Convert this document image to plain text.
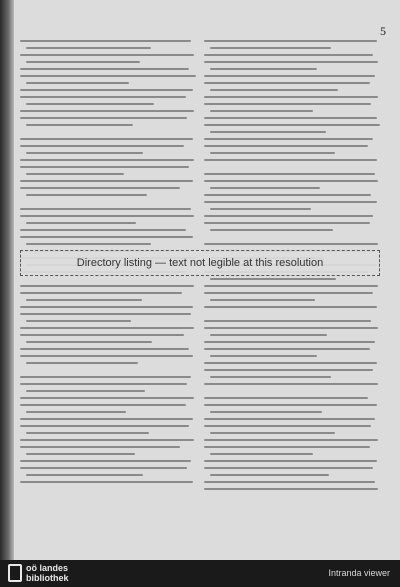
5
Directory listing — text not legible at this resolution
oö landes
bibliothek	Intranda viewer
